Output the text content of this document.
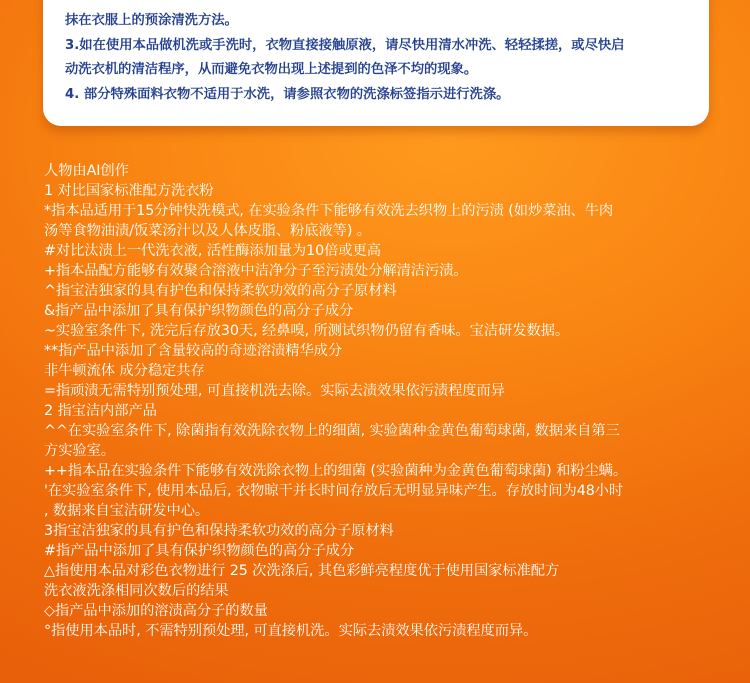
抹在衣服上的预涂清洗方法。
3.如在使用本品做机洗或手洗时，衣物直接接触原液，请尽快用清水冲洗、轻轻揉搓，或尽快启
动洗衣机的清洁程序，从而避免衣物出现上述提到的色泽不均的现象。
4. 部分特殊面料衣物不适用于水洗，请参照衣物的洗涤标签指示进行洗涤。
人物由AI创作
1 对比国家标准配方洗衣粉
*指本品适用于15分钟快洗模式, 在实验条件下能够有效洗去织物上的污渍 (如炒菜油、牛肉
汤等食物油渍/饭菜汤汁以及人体皮脂、粉底液等) 。
#对比汰渍上一代洗衣液, 活性酶添加量为10倍或更高
+指本品配方能够有效聚合溶液中洁净分子至污渍处分解清洁污渍。
^指宝洁独家的具有护色和保持柔软功效的高分子原材料
&指产品中添加了具有保护织物颜色的高分子成分
~实验室条件下, 洗完后存放30天, 经鼻嗅, 所测试织物仍留有香味。宝洁研发数据。
**指产品中添加了含量较高的奇迹溶渍精华成分
非牛顿流体 成分稳定共存
=指顽渍无需特别预处理, 可直接机洗去除。实际去渍效果依污渍程度而异
2 指宝洁内部产品
^^在实验室条件下, 除菌指有效洗除衣物上的细菌, 实验菌种金黄色葡萄球菌, 数据来自第三
方实验室。
++指本品在实验条件下能够有效洗除衣物上的细菌 (实验菌种为金黄色葡萄球菌) 和粉尘螨。
'在实验室条件下, 使用本品后, 衣物晾干并长时间存放后无明显异味产生。存放时间为48小时
, 数据来自宝洁研发中心。
3指宝洁独家的具有护色和保持柔软功效的高分子原材料
#指产品中添加了具有保护织物颜色的高分子成分
△指使用本品对彩色衣物进行 25 次洗涤后, 其色彩鲜亮程度优于使用国家标准配方
洗衣液洗涤相同次数后的结果
◇指产品中添加的溶渍高分子的数量
°指使用本品时, 不需特别预处理, 可直接机洗。实际去渍效果依污渍程度而异。
